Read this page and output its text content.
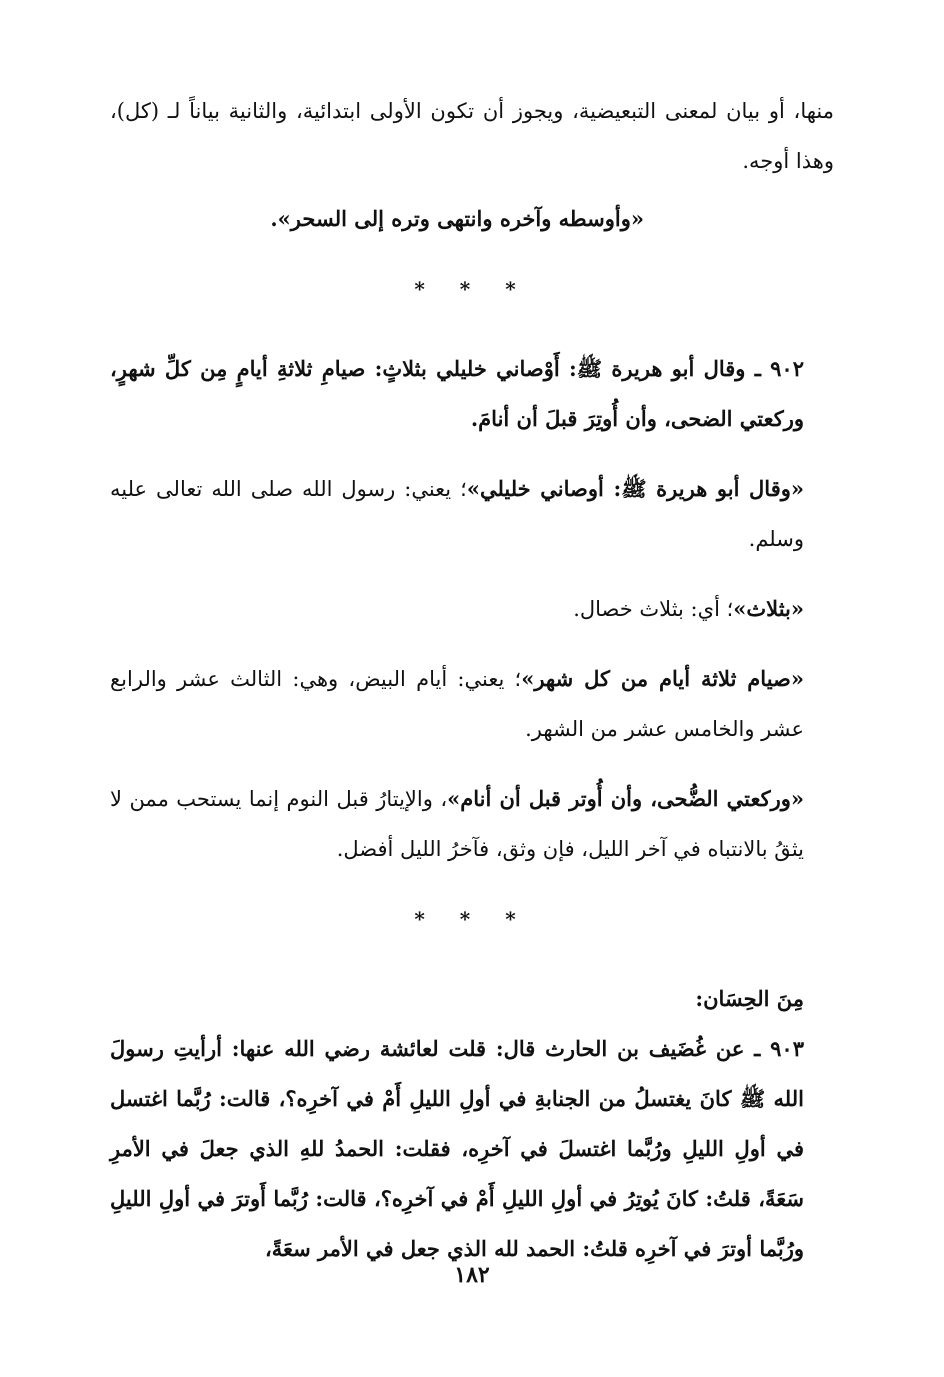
منها، أو بيان لمعنى التبعيضية، ويجوز أن تكون الأولى ابتدائية، والثانية بياناً لـ (كل)، وهذا أوجه.

«وأوسطه وآخره وانتهى وتره إلى السحر».

* * *

٩٠٢ ـ وقال أبو هريرة ﷺ: أَوْصاني خليلي بثلاثٍ: صيامِ ثلاثةِ أيامٍ مِن كلِّ شهرٍ، وركعتي الضحى، وأن أُوتِرَ قبلَ أن أنامَ.

«وقال أبو هريرة ﷺ: أوصاني خليلي»؛ يعني: رسول الله صلى الله تعالى عليه وسلم.

«بثلاث»؛ أي: بثلاث خصال.

«صيام ثلاثة أيام من كل شهر»؛ يعني: أيام البيض، وهي: الثالث عشر والرابع عشر والخامس عشر من الشهر.

«وركعتي الضُّحى، وأن أُوتر قبل أن أنام»، والإيتارُ قبل النوم إنما يستحب ممن لا يثقُ بالانتباه في آخر الليل، فإن وثق، فآخرُ الليل أفضل.

* * *

مِنَ الحِسَان:

٩٠٣ ـ عن غُضَيف بن الحارث قال: قلت لعائشة رضي الله عنها: أرأيتِ رسولَ الله ﷺ كانَ يغتسلُ من الجنابةِ في أولِ الليلِ أَمْ في آخرِه؟، قالت: رُبَّما اغتسل في أولِ الليلِ ورُبَّما اغتسلَ في آخرِه، فقلت: الحمدُ للهِ الذي جعلَ في الأمرِ سَعَةً، قلتُ: كانَ يُوتِرُ في أولِ الليلِ أَمْ في آخرِه؟، قالت: رُبَّما أَوترَ في أولِ الليلِ ورُبَّما أوترَ في آخرِه قلتُ: الحمد لله الذي جعل في الأمر سعَةً،

١٨٢
